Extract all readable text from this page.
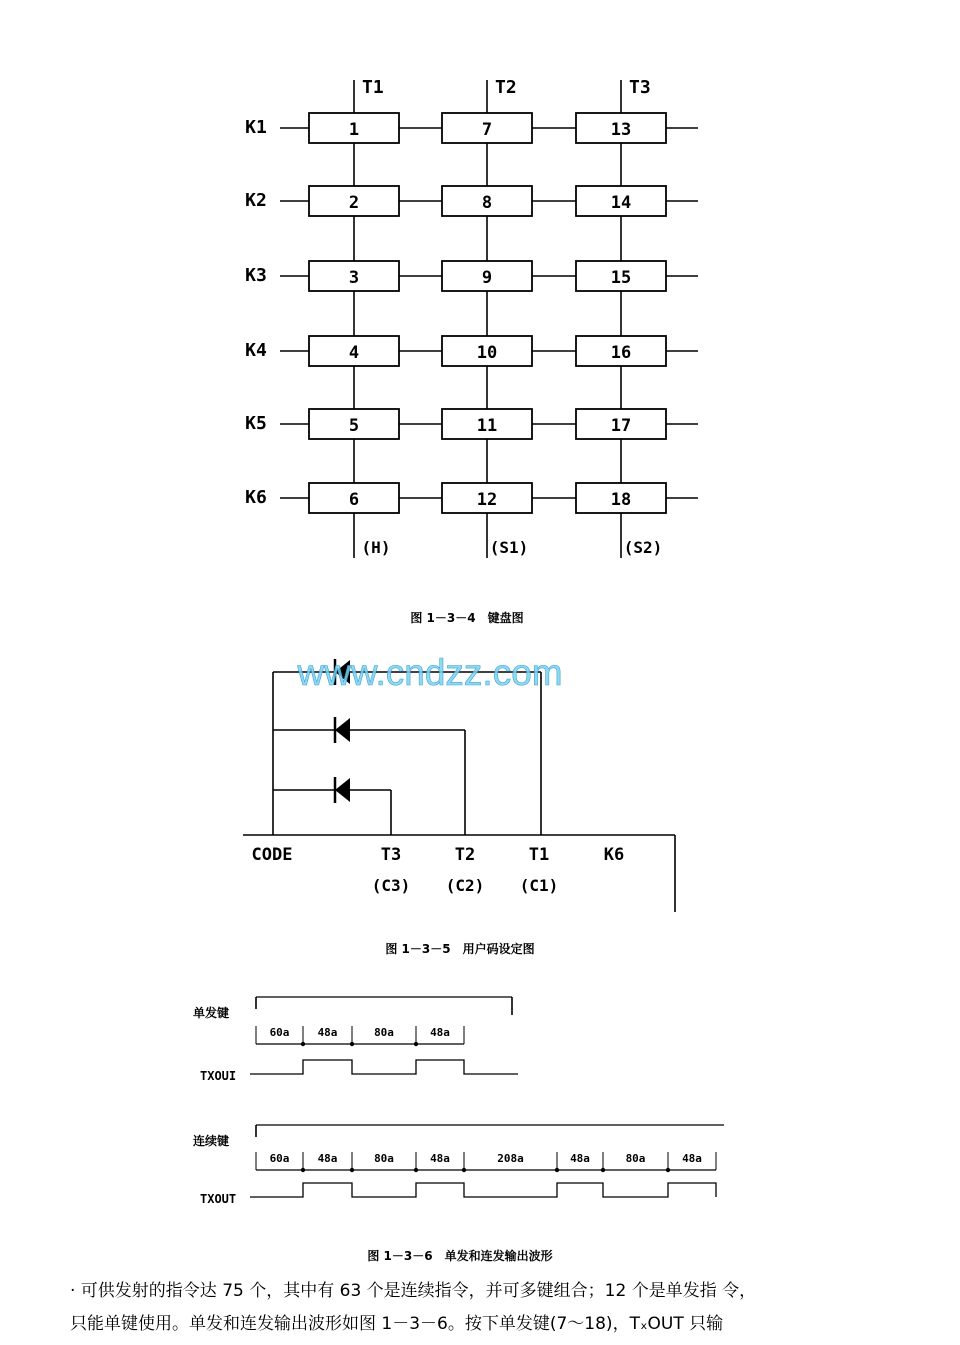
T1
(H)
T2
(S1)
T3
(S2)
K1	1	7	13
K2	2	8	14
K3	3	9	15
K4	4	10	16
K5	5	11	17
K6	6	12	18
图 1－3－4　键盘图
www.cndzz.com
CODE	T3	T2	T1	K6
(C3) (C2) (C1)
图 1－3－5　用户码设定图
单发键
TXOUI
60a	48a	80a	48a
连续键
TXOUT
60a	48a	80a	48a	208a	48a	80a	48a
图 1－3－6　单发和连发输出波形
· 可供发射的指令达 75 个，其中有 63 个是连续指令，并可多键组合；12 个是单发指 令，
只能单键使用。单发和连发输出波形如图 1－3－6。按下单发键(7～18)，TₓOUT 只输
